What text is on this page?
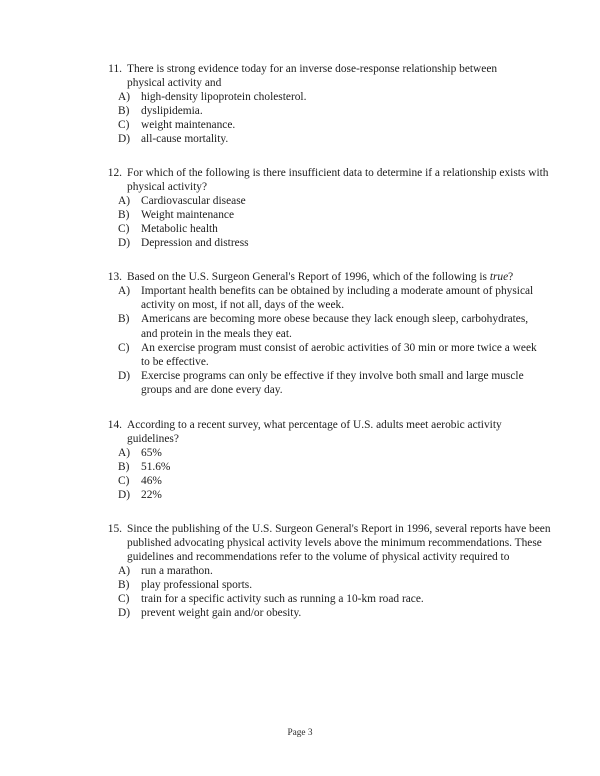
11. There is strong evidence today for an inverse dose-response relationship between physical activity and
A) high-density lipoprotein cholesterol.
B)	dyslipidemia.
C)	weight maintenance.
D) all-cause mortality.
12. For which of the following is there insufficient data to determine if a relationship exists with physical activity?
A) Cardiovascular disease
B)	Weight maintenance
C)	Metabolic health
D) Depression and distress
13. Based on the U.S. Surgeon General's Report of 1996, which of the following is true?
A) Important health benefits can be obtained by including a moderate amount of physical activity on most, if not all, days of the week.
B)	Americans are becoming more obese because they lack enough sleep, carbohydrates, and protein in the meals they eat.
C)	An exercise program must consist of aerobic activities of 30 min or more twice a week to be effective.
D) Exercise programs can only be effective if they involve both small and large muscle groups and are done every day.
14. According to a recent survey, what percentage of U.S. adults meet aerobic activity guidelines?
A) 65%
B)	51.6%
C)	46%
D) 22%
15. Since the publishing of the U.S. Surgeon General's Report in 1996, several reports have been published advocating physical activity levels above the minimum recommendations. These guidelines and recommendations refer to the volume of physical activity required to
A) run a marathon.
B)	play professional sports.
C)	train for a specific activity such as running a 10-km road race.
D) prevent weight gain and/or obesity.
Page 3
